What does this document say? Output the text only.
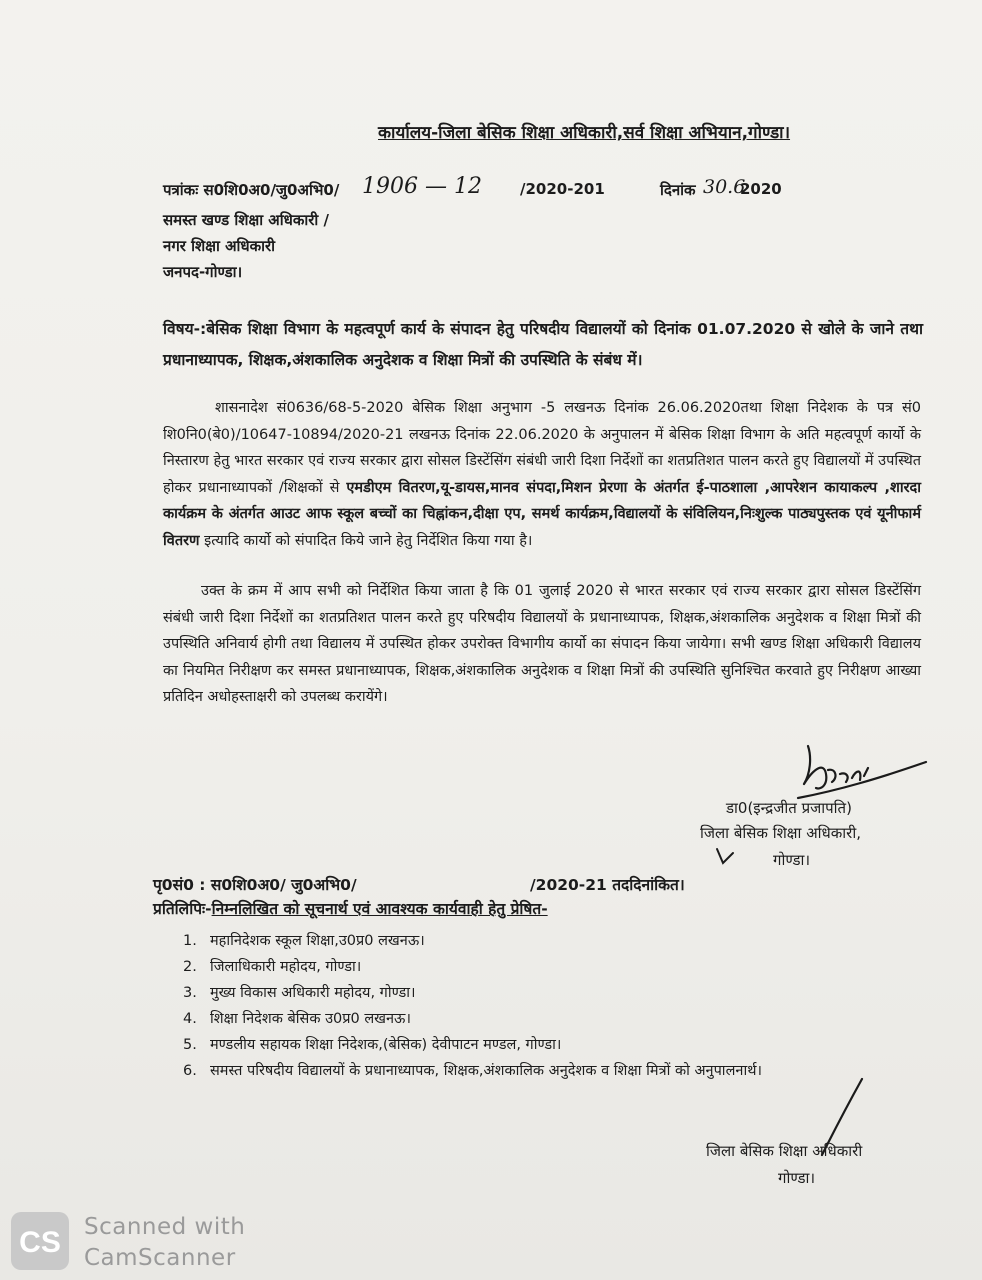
कार्यालय-जिला बेसिक शिक्षा अधिकारी,सर्व शिक्षा अभियान,गोण्डा।
पत्रांकः स0शि0अ0/जु0अभि0/ 1906 — 12	/2020-201	दिनांक 30.6
2020
समस्त खण्ड शिक्षा अधिकारी /
नगर शिक्षा अधिकारी
जनपद-गोण्डा।
विषय-:बेसिक शिक्षा विभाग के महत्वपूर्ण कार्य के संपादन हेतु परिषदीय विद्यालयों को दिनांक 01.07.2020 से खोले के जाने तथा प्रधानाध्यापक, शिक्षक,अंशकालिक अनुदेशक व शिक्षा मित्रों की उपस्थिति के संबंध में।
शासनादेश सं0636/68-5-2020 बेसिक शिक्षा अनुभाग -5 लखनऊ दिनांक 26.06.2020तथा शिक्षा निदेशक के पत्र सं0 शि0नि0(बे0)/10647-10894/2020-21 लखनऊ दिनांक 22.06.2020 के अनुपालन में बेसिक शिक्षा विभाग के अति महत्वपूर्ण कार्यो के निस्तारण हेतु भारत सरकार एवं राज्य सरकार द्वारा सोसल डिस्टेंसिंग संबंधी जारी दिशा निर्देशों का शतप्रतिशत पालन करते हुए विद्यालयों में उपस्थित होकर प्रधानाध्यापकों /शिक्षकों से एमडीएम वितरण,यू-डायस,मानव संपदा,मिशन प्रेरणा के अंतर्गत ई-पाठशाला ,आपरेशन कायाकल्प ,शारदा कार्यक्रम के अंतर्गत आउट आफ स्कूल बच्चों का चिह्नांकन,दीक्षा एप, समर्थ कार्यक्रम,विद्यालयों के संविलियन,निःशुल्क पाठ्यपुस्तक एवं यूनीफार्म वितरण इत्यादि कार्यो को संपादित किये जाने हेतु निर्देशित किया गया है।
उक्त के क्रम में आप सभी को निर्देशित किया जाता है कि 01 जुलाई 2020 से भारत सरकार एवं राज्य सरकार द्वारा सोसल डिस्टेंसिंग संबंधी जारी दिशा निर्देशों का शतप्रतिशत पालन करते हुए परिषदीय विद्यालयों के प्रधानाध्यापक, शिक्षक,अंशकालिक अनुदेशक व शिक्षा मित्रों की उपस्थिति अनिवार्य होगी तथा विद्यालय में उपस्थित होकर उपरोक्त विभागीय कार्यो का संपादन किया जायेगा। सभी खण्ड शिक्षा अधिकारी विद्यालय का नियमित निरीक्षण कर समस्त प्रधानाध्यापक, शिक्षक,अंशकालिक अनुदेशक व शिक्षा मित्रों की उपस्थिति सुनिश्चित करवाते हुए निरीक्षण आख्या प्रतिदिन अधोहस्ताक्षरी को उपलब्ध करायेंगे।
डा0(इन्द्रजीत प्रजापति)
जिला बेसिक शिक्षा अधिकारी,
गोण्डा।
पृ0सं0 : स0शि0अ0/ जु0अभि0/	/2020-21 तददिनांकित।
प्रतिलिपिः-निम्नलिखित को सूचनार्थ एवं आवश्यक कार्यवाही हेतु प्रेषित-
1. महानिदेशक स्कूल शिक्षा,उ0प्र0 लखनऊ।
2. जिलाधिकारी महोदय, गोण्डा।
3. मुख्य विकास अधिकारी महोदय, गोण्डा।
4. शिक्षा निदेशक बेसिक उ0प्र0 लखनऊ।
5. मण्डलीय सहायक शिक्षा निदेशक,(बेसिक) देवीपाटन मण्डल, गोण्डा।
6. समस्त परिषदीय विद्यालयों के प्रधानाध्यापक, शिक्षक,अंशकालिक अनुदेशक व शिक्षा मित्रों को अनुपालनार्थ।
जिला बेसिक शिक्षा अधिकारी
गोण्डा।
CS Scanned with
CamScanner
